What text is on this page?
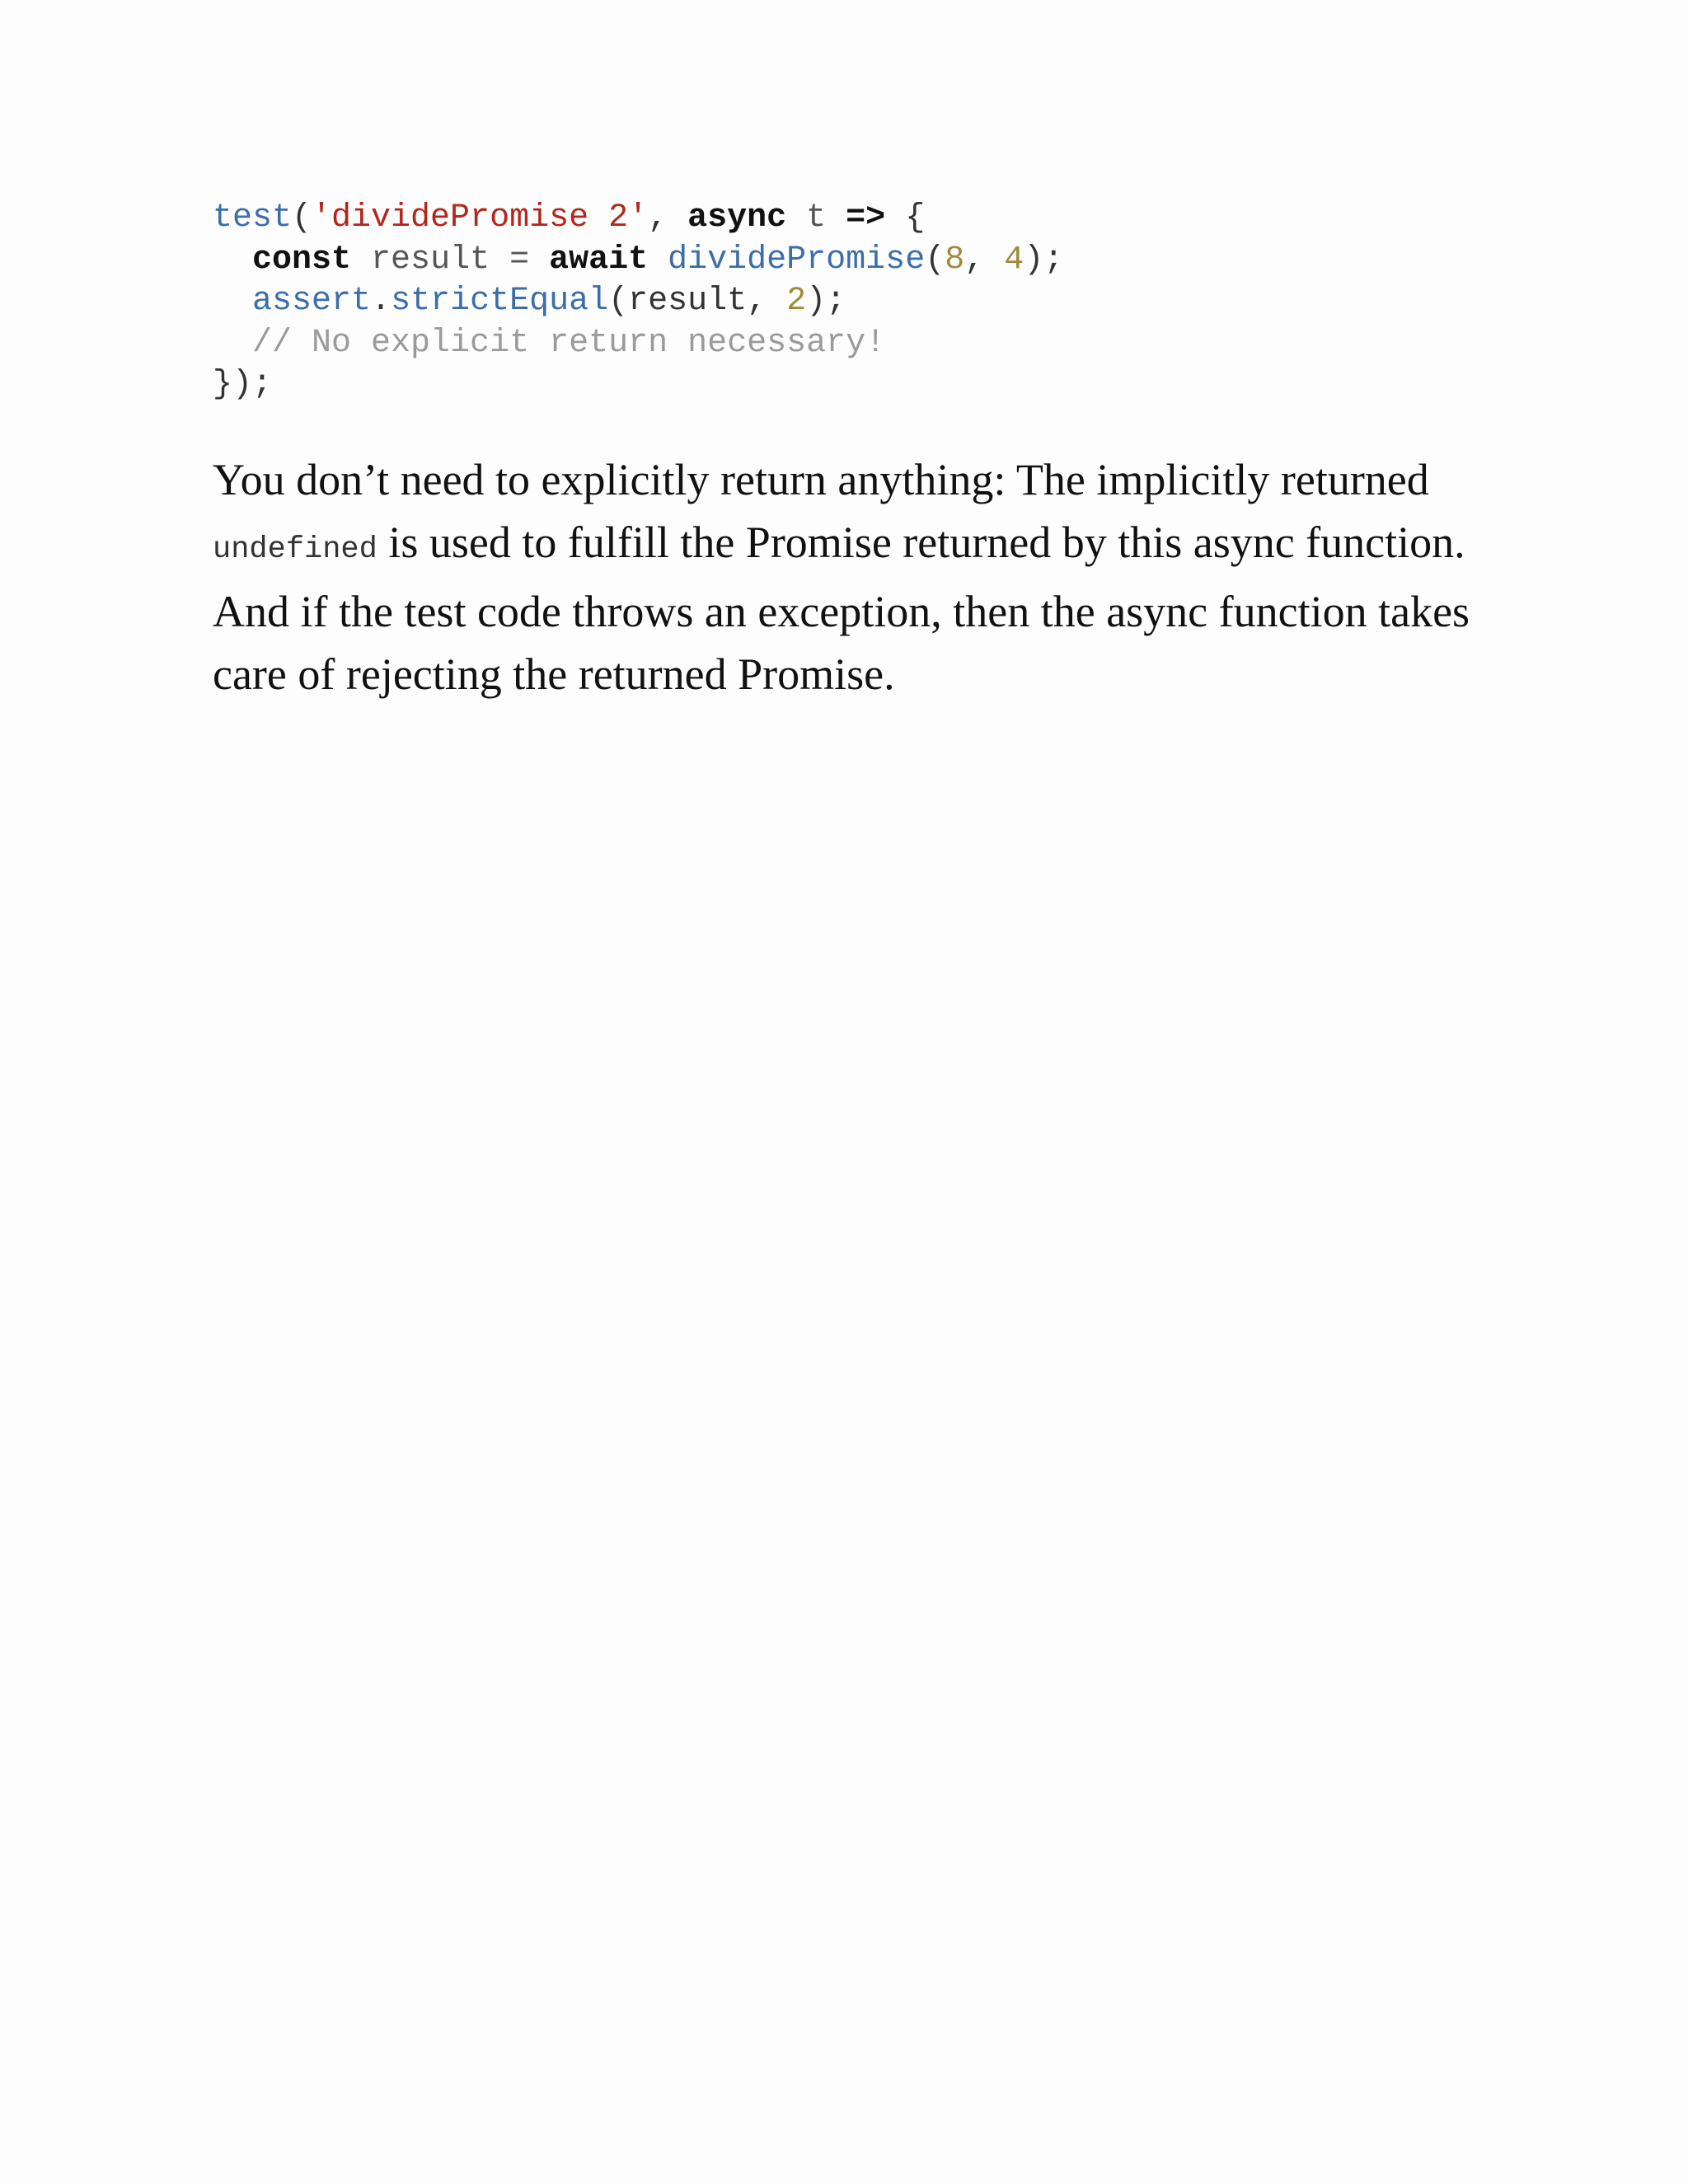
test('dividePromise 2', async t => {
const result = await dividePromise(8, 4);
assert.strictEqual(result, 2);
// No explicit return necessary!
});

You don’t need to explicitly return anything: The implicitly returned undefined is used to fulfill the Promise returned by this async function. And if the test code throws an exception, then the async function takes care of rejecting the returned Promise.
